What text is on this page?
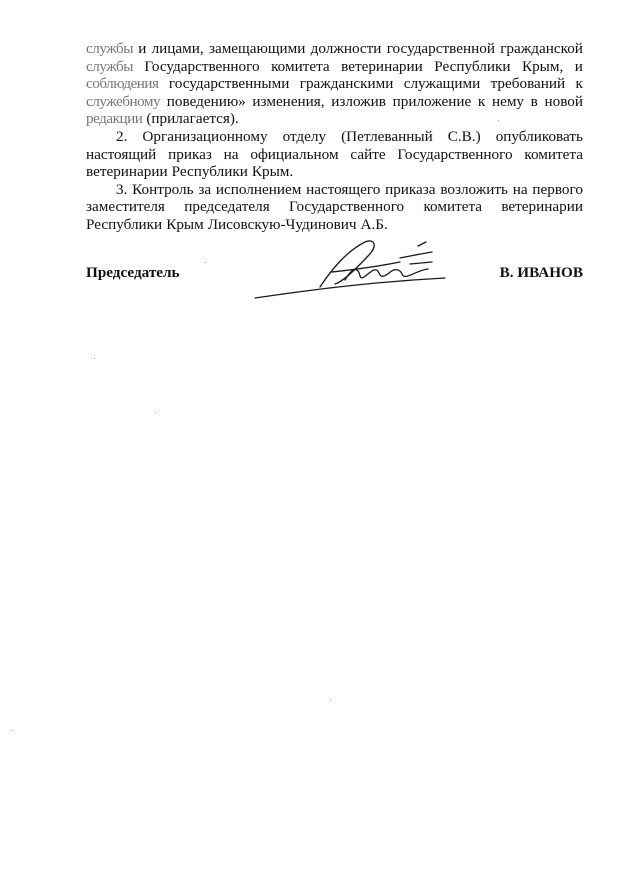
службы и лицами, замещающими должности государственной гражданской
службы Государственного комитета ветеринарии Республики Крым, и
соблюдения государственными гражданскими служащими требований к
служебному поведению» изменения, изложив приложение к нему в новой
редакции (прилагается).
2. Организационному отделу (Петлеванный С.В.) опубликовать
настоящий приказ на официальном сайте Государственного комитета
ветеринарии Республики Крым.
3. Контроль за исполнением настоящего приказа возложить на первого
заместителя председателя Государственного комитета ветеринарии
Республики Крым Лисовскую-Чудинович А.Б.
Председатель	В. ИВАНОВ
